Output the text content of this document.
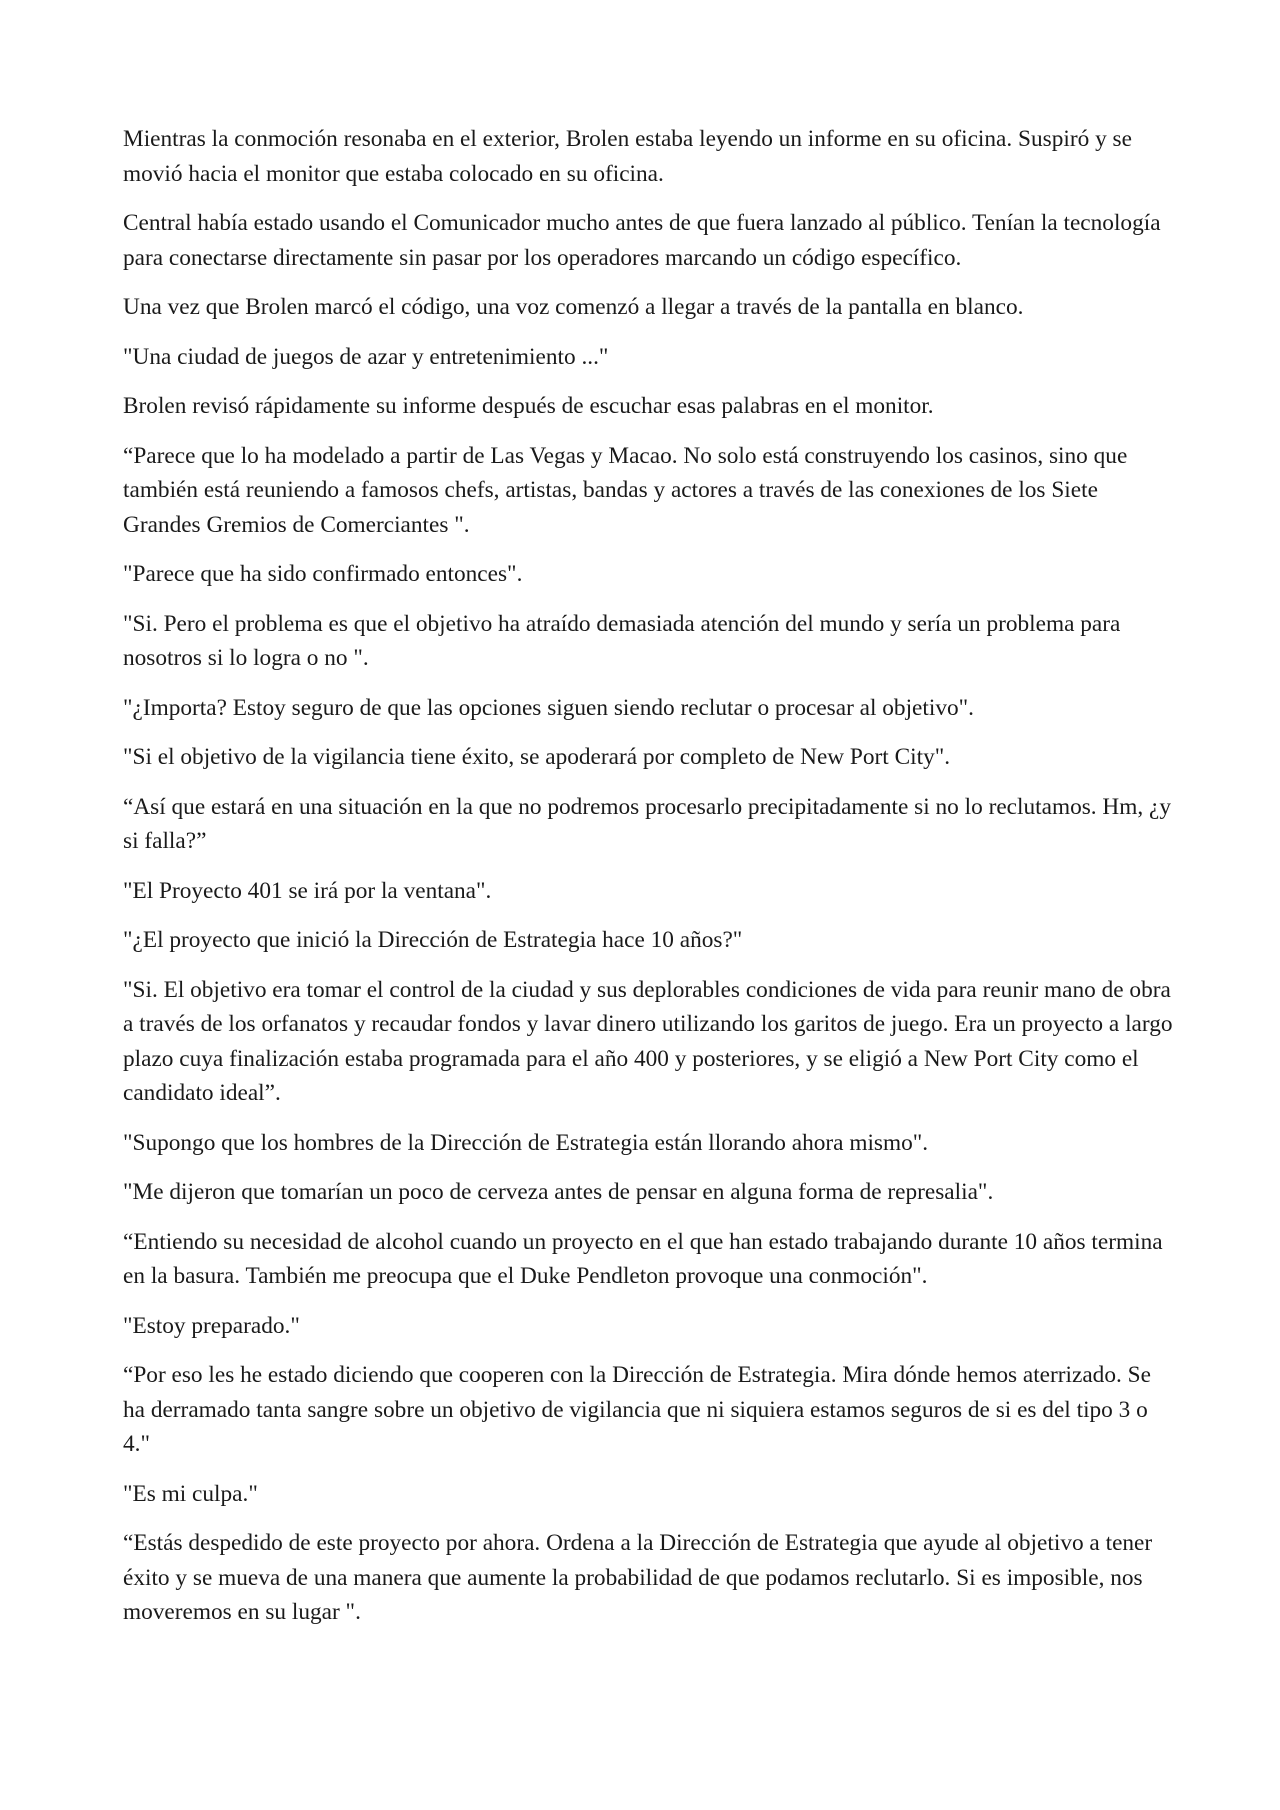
Mientras la conmoción resonaba en el exterior, Brolen estaba leyendo un informe en su oficina. Suspiró y se movió hacia el monitor que estaba colocado en su oficina.

Central había estado usando el Comunicador mucho antes de que fuera lanzado al público. Tenían la tecnología para conectarse directamente sin pasar por los operadores marcando un código específico.

Una vez que Brolen marcó el código, una voz comenzó a llegar a través de la pantalla en blanco.

"Una ciudad de juegos de azar y entretenimiento ..."

Brolen revisó rápidamente su informe después de escuchar esas palabras en el monitor.

“Parece que lo ha modelado a partir de Las Vegas y Macao. No solo está construyendo los casinos, sino que también está reuniendo a famosos chefs, artistas, bandas y actores a través de las conexiones de los Siete Grandes Gremios de Comerciantes ".

"Parece que ha sido confirmado entonces".

"Si. Pero el problema es que el objetivo ha atraído demasiada atención del mundo y sería un problema para nosotros si lo logra o no ".

"¿Importa? Estoy seguro de que las opciones siguen siendo reclutar o procesar al objetivo".

"Si el objetivo de la vigilancia tiene éxito, se apoderará por completo de New Port City".

“Así que estará en una situación en la que no podremos procesarlo precipitadamente si no lo reclutamos. Hm, ¿y si falla?”

"El Proyecto 401 se irá por la ventana".

"¿El proyecto que inició la Dirección de Estrategia hace 10 años?"

"Si. El objetivo era tomar el control de la ciudad y sus deplorables condiciones de vida para reunir mano de obra a través de los orfanatos y recaudar fondos y lavar dinero utilizando los garitos de juego. Era un proyecto a largo plazo cuya finalización estaba programada para el año 400 y posteriores, y se eligió a New Port City como el candidato ideal”.

"Supongo que los hombres de la Dirección de Estrategia están llorando ahora mismo".

"Me dijeron que tomarían un poco de cerveza antes de pensar en alguna forma de represalia".

“Entiendo su necesidad de alcohol cuando un proyecto en el que han estado trabajando durante 10 años termina en la basura. También me preocupa que el Duke Pendleton provoque una conmoción".

"Estoy preparado."

“Por eso les he estado diciendo que cooperen con la Dirección de Estrategia. Mira dónde hemos aterrizado. Se ha derramado tanta sangre sobre un objetivo de vigilancia que ni siquiera estamos seguros de si es del tipo 3 o 4."

"Es mi culpa."

“Estás despedido de este proyecto por ahora. Ordena a la Dirección de Estrategia que ayude al objetivo a tener éxito y se mueva de una manera que aumente la probabilidad de que podamos reclutarlo. Si es imposible, nos moveremos en su lugar ".
